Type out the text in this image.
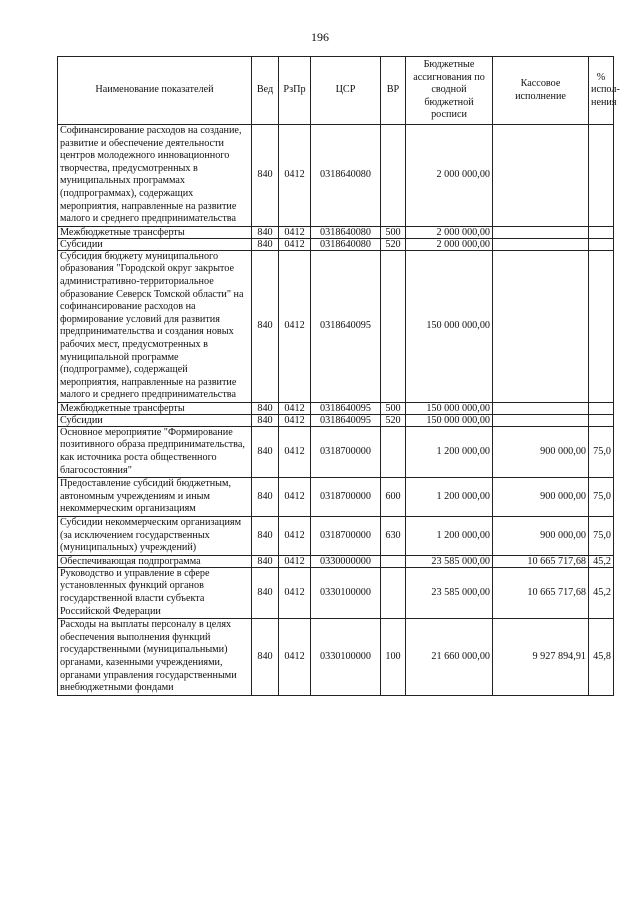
196
Наименование показателей	Вед	РзПр	ЦСР	ВР	Бюджетные ассигнования по сводной бюджетной росписи	Кассовое исполнение	% испол- нения
Софинансирование расходов на создание, развитие и обеспечение деятельности центров молодежного инновационного творчества, предусмотренных в муниципальных программах (подпрограммах), содержащих мероприятия, направленные на развитие малого и среднего предпринимательства	840	0412	0318640080		2 000 000,00		
Межбюджетные трансферты	840	0412	0318640080	500	2 000 000,00		
Субсидии	840	0412	0318640080	520	2 000 000,00		
Субсидия бюджету муниципального образования "Городской округ закрытое административно-территориальное образование Северск Томской области" на софинансирование расходов на формирование условий для развития предпринимательства и создания новых рабочих мест, предусмотренных в муниципальной программе (подпрограмме), содержащей мероприятия, направленные на развитие малого и среднего предпринимательства	840	0412	0318640095		150 000 000,00		
Межбюджетные трансферты	840	0412	0318640095	500	150 000 000,00		
Субсидии	840	0412	0318640095	520	150 000 000,00		
Основное мероприятие "Формирование позитивного образа предпринимательства, как источника роста общественного благосостояния"	840	0412	0318700000		1 200 000,00	900 000,00	75,0
Предоставление субсидий бюджетным, автономным учреждениям и иным некоммерческим организациям	840	0412	0318700000	600	1 200 000,00	900 000,00	75,0
Субсидии некоммерческим организациям (за исключением государственных (муниципальных) учреждений)	840	0412	0318700000	630	1 200 000,00	900 000,00	75,0
Обеспечивающая подпрограмма	840	0412	0330000000		23 585 000,00	10 665 717,68	45,2
Руководство и управление в сфере установленных функций органов государственной власти субъекта Российской Федерации	840	0412	0330100000		23 585 000,00	10 665 717,68	45,2
Расходы на выплаты персоналу в целях обеспечения выполнения функций государственными (муниципальными) органами, казенными учреждениями, органами управления государственными внебюджетными фондами	840	0412	0330100000	100	21 660 000,00	9 927 894,91	45,8
